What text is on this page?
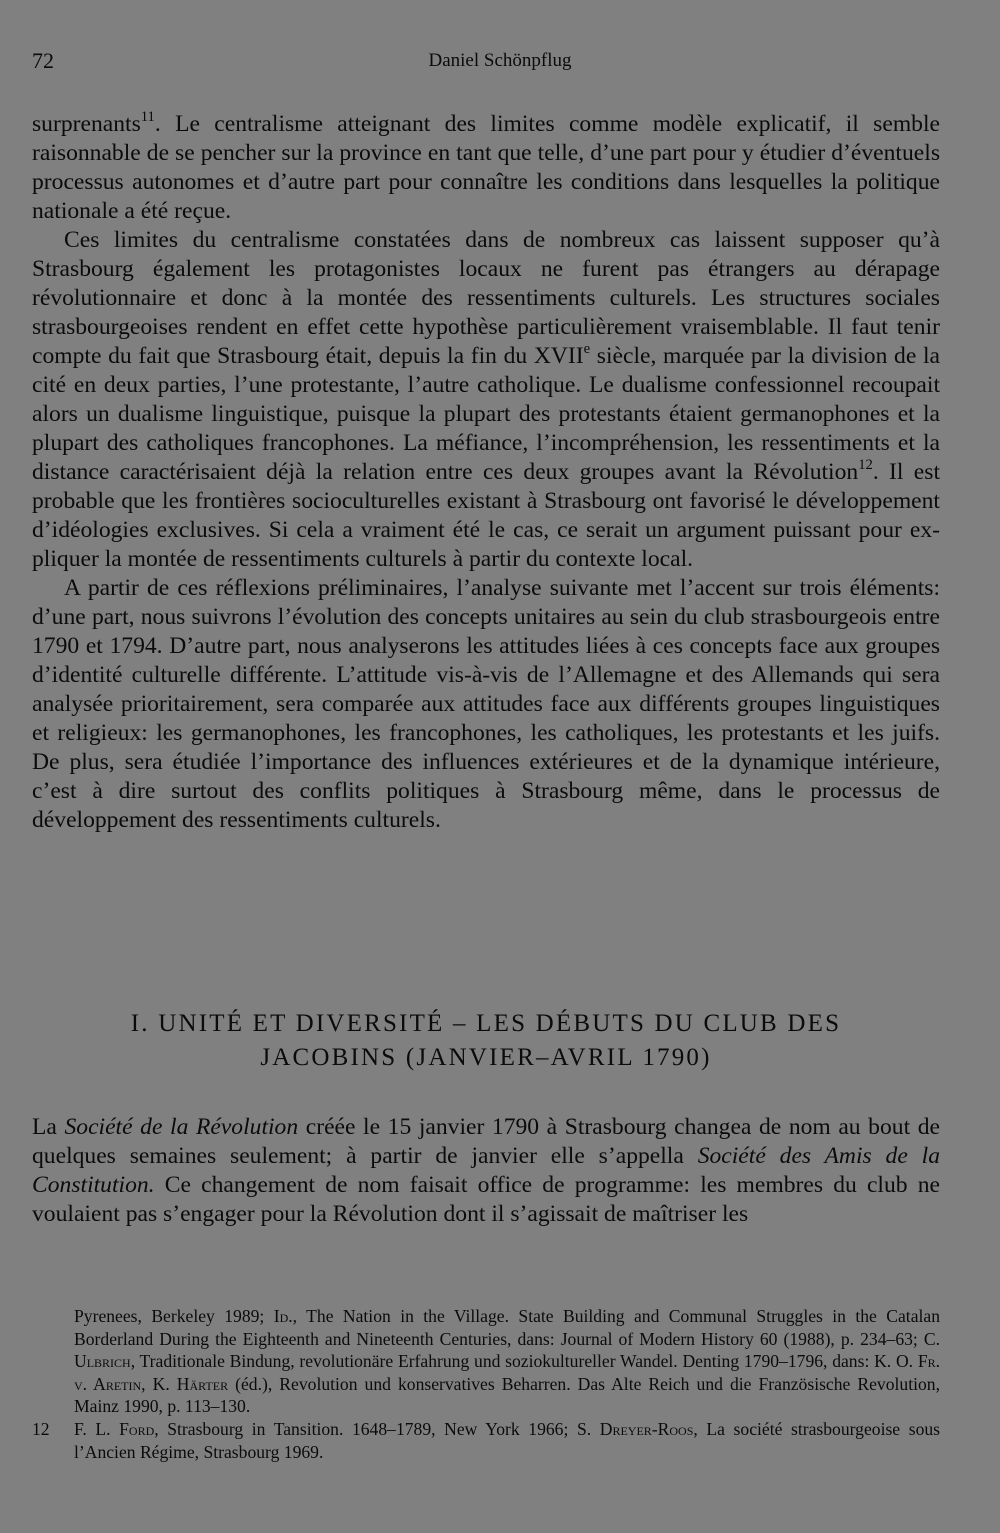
72	Daniel Schönpflug

surprenants$^{11}$. Le centralisme atteignant des limites comme modèle explicatif, il semble raisonnable de se pencher sur la province en tant que telle, d’une part pour y étudier d’éventuels processus autonomes et d’autre part pour connaître les conditions dans lesquelles la politique nationale a été reçue.

Ces limites du centralisme constatées dans de nombreux cas laissent supposer qu’à Strasbourg également les protagonistes locaux ne furent pas étrangers au dérapage révolutionnaire et donc à la montée des ressentiments culturels. Les structures sociales strasbourgeoises rendent en effet cette hypothèse particulièrement vraisemblable. Il faut tenir compte du fait que Strasbourg était, depuis la fin du XVIIe siècle, marquée par la division de la cité en deux parties, l’une protestante, l’autre catholique. Le dualisme confessionnel recoupait alors un dualisme linguistique, puisque la plupart des protestants étaient germanophones et la plupart des catholiques francophones. La méfiance, l’incompréhension, les ressentiments et la distance caractérisaient déjà la relation entre ces deux groupes avant la Révolution$^{12}$. Il est probable que les frontières socioculturelles existant à Strasbourg ont favorisé le développement d’idéologies exclusives. Si cela a vraiment été le cas, ce serait un argument puissant pour expliquer la montée de ressentiments culturels à partir du contexte local.

A partir de ces réflexions préliminaires, l’analyse suivante met l’accent sur trois éléments: d’une part, nous suivrons l’évolution des concepts unitaires au sein du club strasbourgeois entre 1790 et 1794. D’autre part, nous analyserons les attitudes liées à ces concepts face aux groupes d’identité culturelle différente. L’attitude vis-à-vis de l’Allemagne et des Allemands qui sera analysée prioritairement, sera comparée aux attitudes face aux différents groupes linguistiques et religieux: les germanophones, les francophones, les catholiques, les protestants et les juifs. De plus, sera étudiée l’importance des influences extérieures et de la dynamique intérieure, c’est à dire surtout des conflits politiques à Strasbourg même, dans le processus de développement des ressentiments culturels.

I. UNITÉ ET DIVERSITÉ – LES DÉBUTS DU CLUB DES
JACOBINS (JANVIER–AVRIL 1790)

La Société de la Révolution créée le 15 janvier 1790 à Strasbourg changea de nom au bout de quelques semaines seulement; à partir de janvier elle s’appella Société des Amis de la Constitution. Ce changement de nom faisait office de programme: les membres du club ne voulaient pas s’engager pour la Révolution dont il s’agissait de maîtriser les

Pyrenees, Berkeley 1989; Id., The Nation in the Village. State Building and Communal Struggles in the Catalan Borderland During the Eighteenth and Nineteenth Centuries, dans: Journal of Modern History 60 (1988), p. 234–63; C. Ulbrich, Traditionale Bindung, revolutionäre Erfahrung und soziokultureller Wandel. Denting 1790–1796, dans: K. O. Fr. v. Aretin, K. Härter (éd.), Revolution und konservatives Beharren. Das Alte Reich und die Französische Revolution, Mainz 1990, p. 113–130.

12 F. L. Ford, Strasbourg in Tansition. 1648–1789, New York 1966; S. Dreyer-Roos, La société strasbourgeoise sous l’Ancien Régime, Strasbourg 1969.
